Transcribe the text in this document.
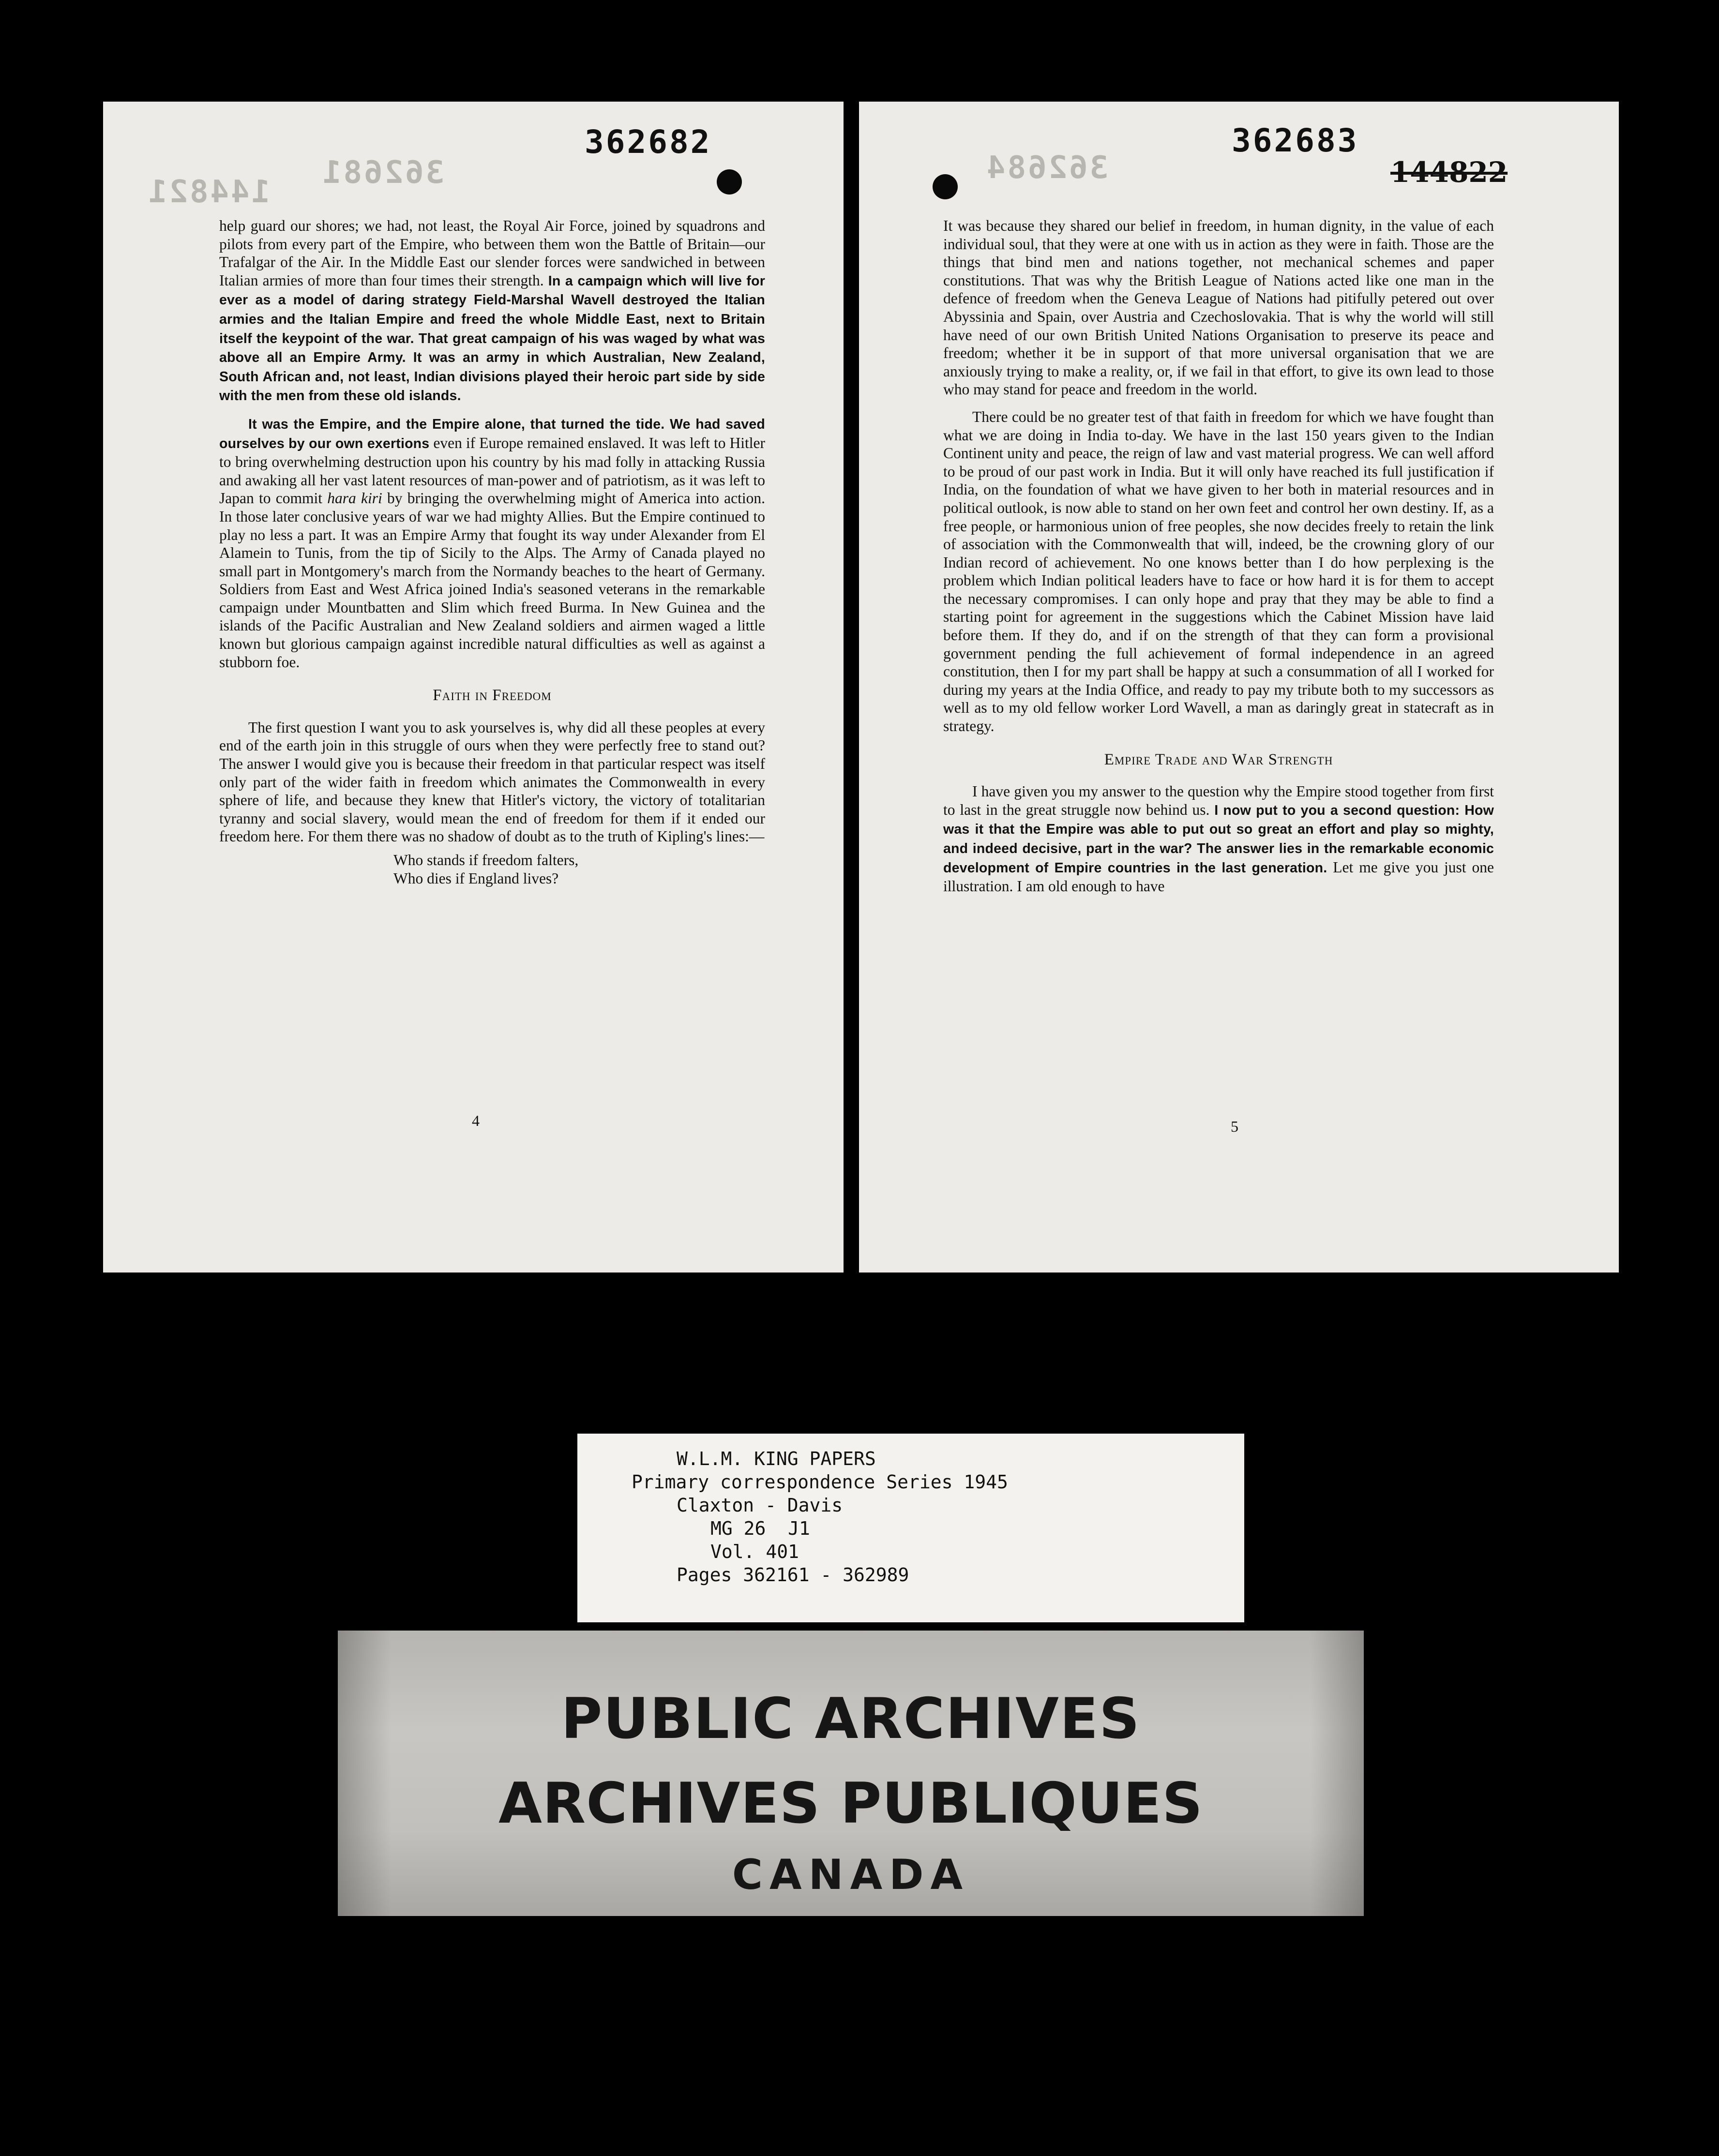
362681
144821
362682

help guard our shores; we had, not least, the Royal Air Force, joined by squadrons and pilots from every part of the Empire, who between them won the Battle of Britain—our Trafalgar of the Air. In the Middle East our slender forces were sandwiched in between Italian armies of more than four times their strength. In a campaign which will live for ever as a model of daring strategy Field-Marshal Wavell destroyed the Italian armies and the Italian Empire and freed the whole Middle East, next to Britain itself the keypoint of the war. That great campaign of his was waged by what was above all an Empire Army. It was an army in which Australian, New Zealand, South African and, not least, Indian divisions played their heroic part side by side with the men from these old islands.

It was the Empire, and the Empire alone, that turned the tide. We had saved ourselves by our own exertions even if Europe remained enslaved. It was left to Hitler to bring overwhelming destruction upon his country by his mad folly in attacking Russia and awaking all her vast latent resources of man-power and of patriotism, as it was left to Japan to commit hara kiri by bringing the overwhelming might of America into action. In those later conclusive years of war we had mighty Allies. But the Empire continued to play no less a part. It was an Empire Army that fought its way under Alexander from El Alamein to Tunis, from the tip of Sicily to the Alps. The Army of Canada played no small part in Montgomery's march from the Normandy beaches to the heart of Germany. Soldiers from East and West Africa joined India's seasoned veterans in the remarkable campaign under Mountbatten and Slim which freed Burma. In New Guinea and the islands of the Pacific Australian and New Zealand soldiers and airmen waged a little known but glorious campaign against incredible natural difficulties as well as against a stubborn foe.

Faith in Freedom

The first question I want you to ask yourselves is, why did all these peoples at every end of the earth join in this struggle of ours when they were perfectly free to stand out? The answer I would give you is because their freedom in that particular respect was itself only part of the wider faith in freedom which animates the Commonwealth in every sphere of life, and because they knew that Hitler's victory, the victory of totalitarian tyranny and social slavery, would mean the end of freedom for them if it ended our freedom here. For them there was no shadow of doubt as to the truth of Kipling's lines:—

Who stands if freedom falters,
Who dies if England lives?
4
362684
362683
144822

It was because they shared our belief in freedom, in human dignity, in the value of each individual soul, that they were at one with us in action as they were in faith. Those are the things that bind men and nations together, not mechanical schemes and paper constitutions. That was why the British League of Nations acted like one man in the defence of freedom when the Geneva League of Nations had pitifully petered out over Abyssinia and Spain, over Austria and Czechoslovakia. That is why the world will still have need of our own British United Nations Organisation to preserve its peace and freedom; whether it be in support of that more universal organisation that we are anxiously trying to make a reality, or, if we fail in that effort, to give its own lead to those who may stand for peace and freedom in the world.

There could be no greater test of that faith in freedom for which we have fought than what we are doing in India to-day. We have in the last 150 years given to the Indian Continent unity and peace, the reign of law and vast material progress. We can well afford to be proud of our past work in India. But it will only have reached its full justification if India, on the foundation of what we have given to her both in material resources and in political outlook, is now able to stand on her own feet and control her own destiny. If, as a free people, or harmonious union of free peoples, she now decides freely to retain the link of association with the Commonwealth that will, indeed, be the crowning glory of our Indian record of achievement. No one knows better than I do how perplexing is the problem which Indian political leaders have to face or how hard it is for them to accept the necessary compromises. I can only hope and pray that they may be able to find a starting point for agreement in the suggestions which the Cabinet Mission have laid before them. If they do, and if on the strength of that they can form a provisional government pending the full achievement of formal independence in an agreed constitution, then I for my part shall be happy at such a consummation of all I worked for during my years at the India Office, and ready to pay my tribute both to my successors as well as to my old fellow worker Lord Wavell, a man as daringly great in statecraft as in strategy.

Empire Trade and War Strength

I have given you my answer to the question why the Empire stood together from first to last in the great struggle now behind us. I now put to you a second question: How was it that the Empire was able to put out so great an effort and play so mighty, and indeed decisive, part in the war? The answer lies in the remarkable economic development of Empire countries in the last generation. Let me give you just one illustration. I am old enough to have

5
W.L.M. KING PAPERS
Primary correspondence Series 1945
Claxton - Davis
MG 26  J1
Vol. 401
Pages 362161 - 362989
PUBLIC ARCHIVES
ARCHIVES PUBLIQUES
CANADA
